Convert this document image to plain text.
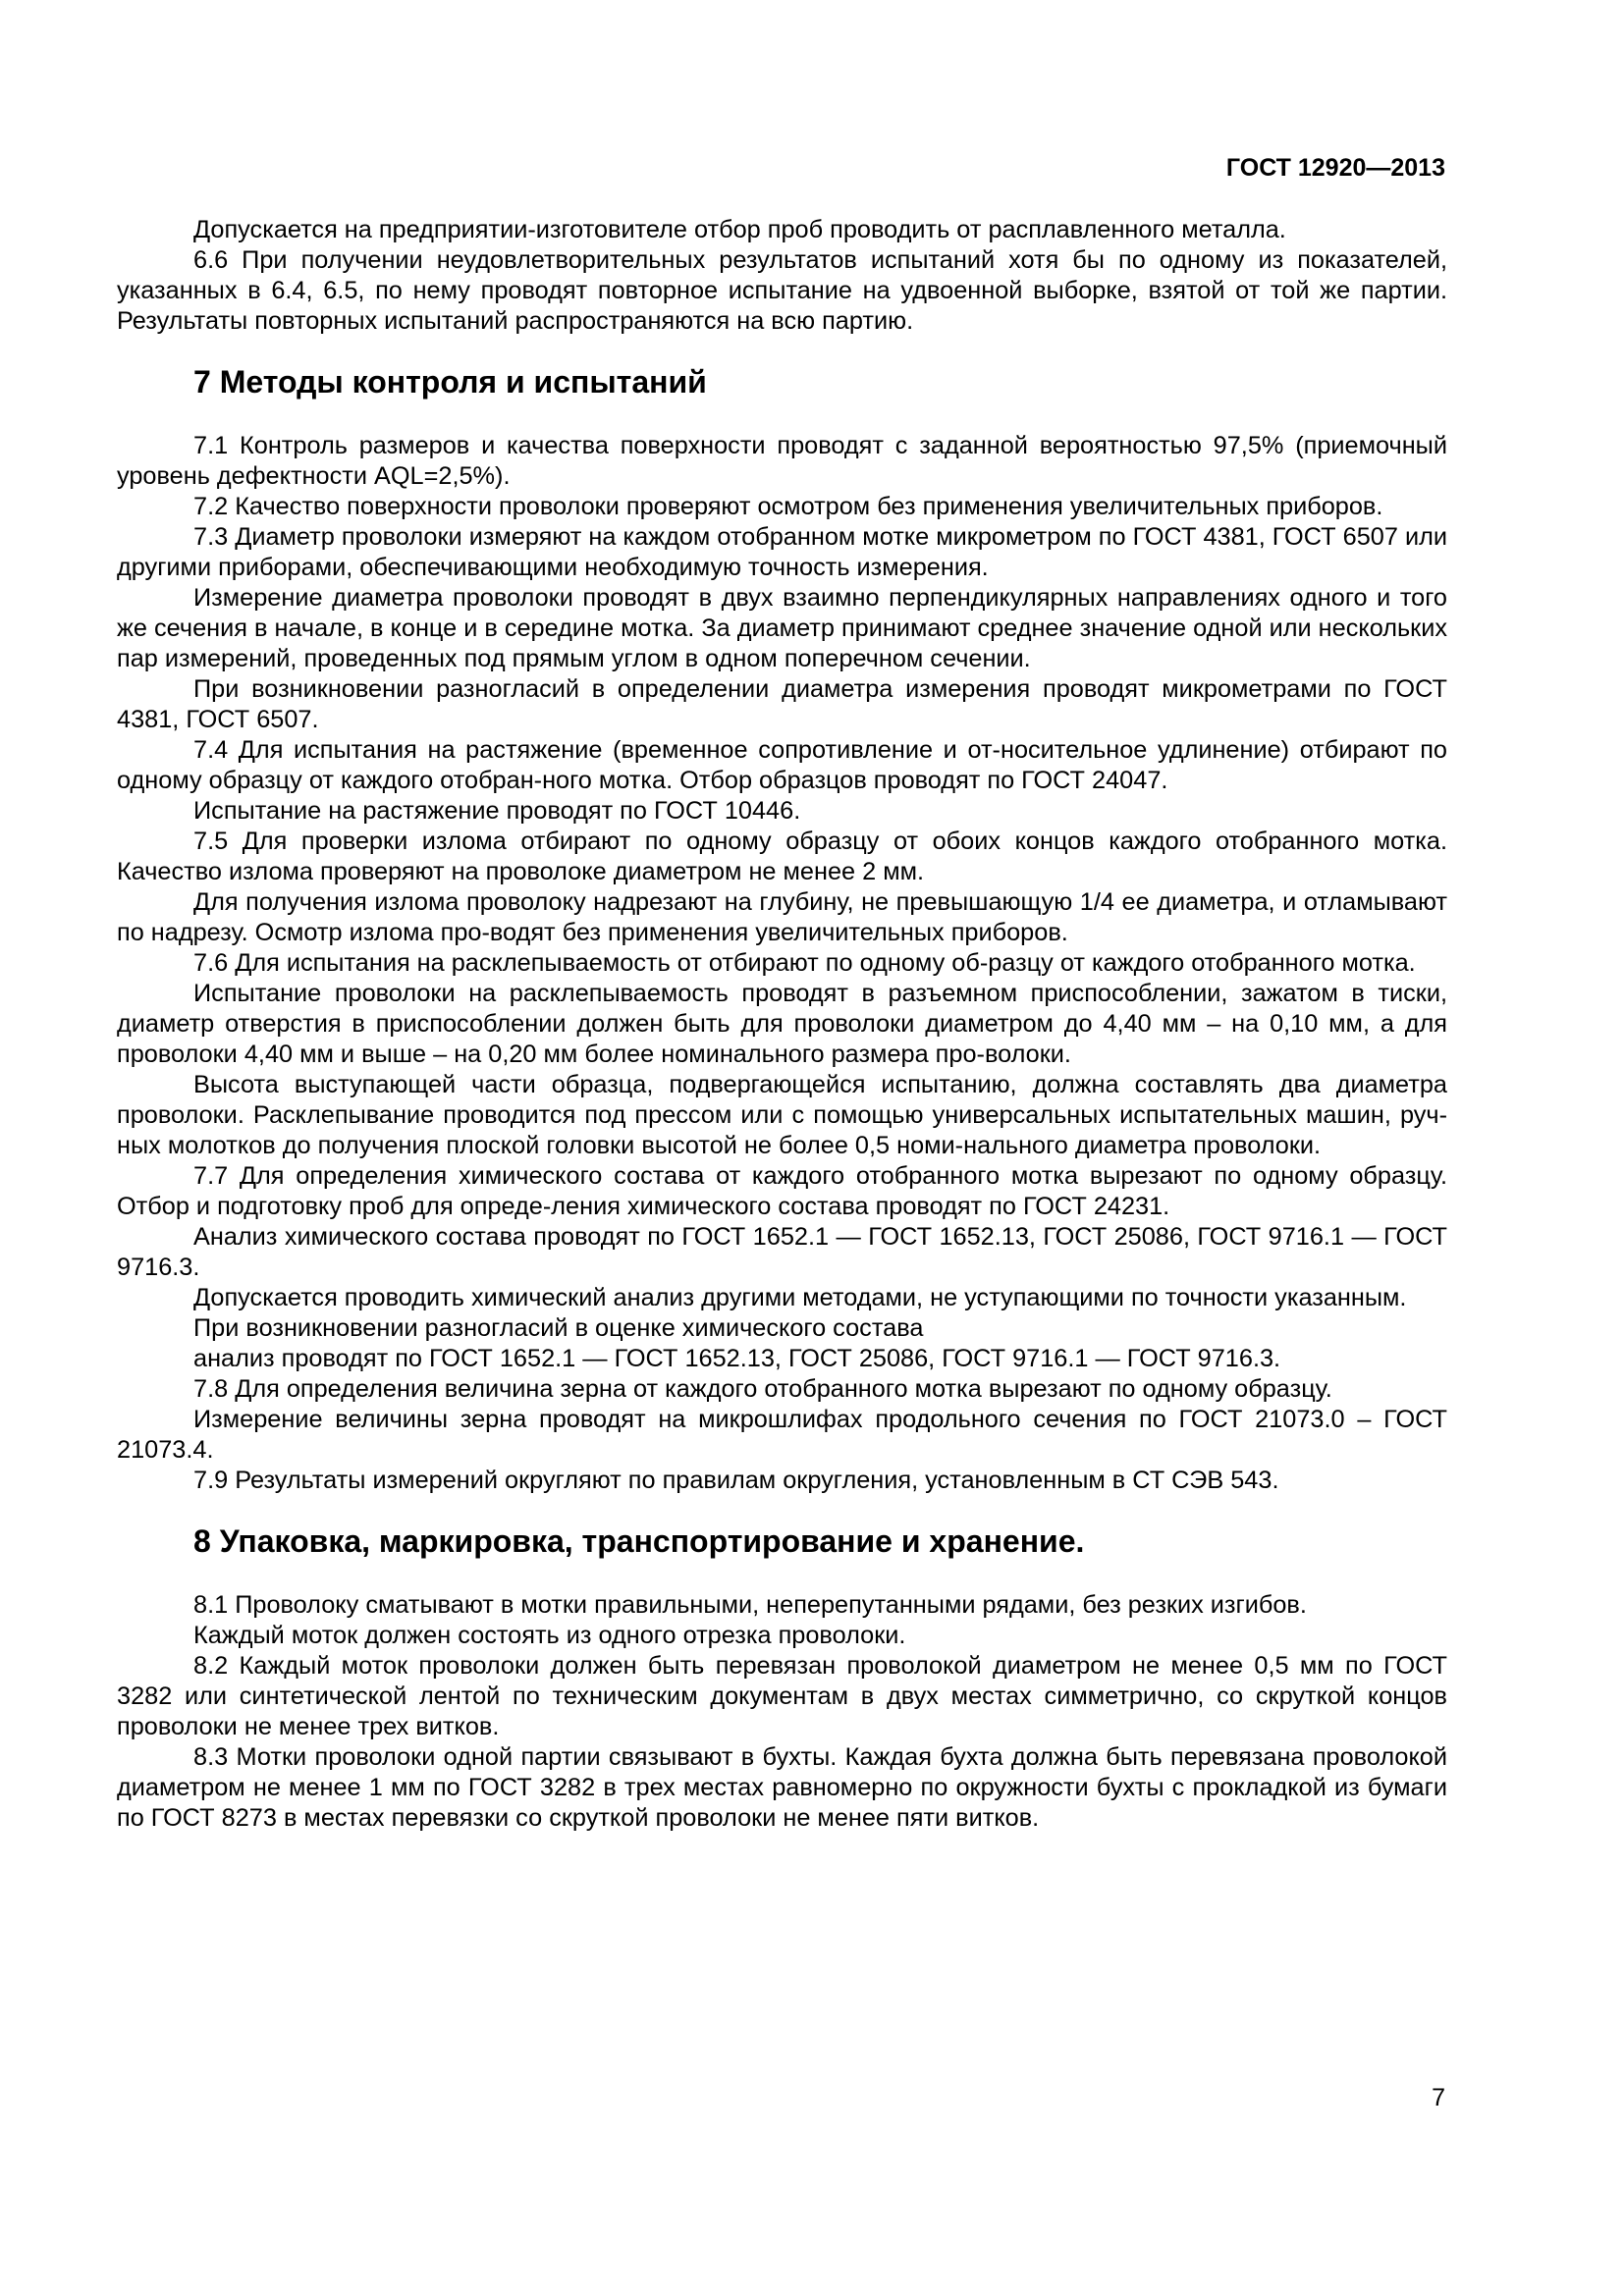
ГОСТ 12920—2013

Допускается на предприятии-изготовителе отбор проб проводить от расплавленного металла.

6.6 При получении неудовлетворительных результатов испытаний хотя бы по одному из показателей, указанных в 6.4, 6.5, по нему проводят повторное испытание на удвоенной выборке, взятой от той же партии. Результаты повторных испытаний распространяются на всю партию.

7 Методы контроля и испытаний

7.1 Контроль размеров и качества поверхности проводят с заданной вероятностью 97,5% (приемочный уровень дефектности AQL=2,5%).

7.2 Качество поверхности проволоки проверяют осмотром без применения увеличительных приборов.

7.3 Диаметр проволоки измеряют на каждом отобранном мотке микрометром по ГОСТ 4381, ГОСТ 6507 или другими приборами, обеспечивающими необходимую точность измерения.

Измерение диаметра проволоки проводят в двух взаимно перпендикулярных направлениях одного и того же сечения в начале, в конце и в середине мотка. За диаметр принимают среднее значение одной или нескольких пар измерений, проведенных под прямым углом в одном поперечном сечении.

При возникновении разногласий в определении диаметра измерения проводят микрометрами по ГОСТ 4381, ГОСТ 6507.

7.4 Для испытания на растяжение (временное сопротивление и от-носительное удлинение) отбирают по одному образцу от каждого отобран-ного мотка. Отбор образцов проводят по ГОСТ 24047.

Испытание на растяжение проводят по ГОСТ 10446.

7.5 Для проверки излома отбирают по одному образцу от обоих концов каждого отобранного мотка. Качество излома проверяют на проволоке диаметром не менее 2 мм.

Для получения излома проволоку надрезают на глубину, не превышающую 1/4 ее диаметра, и отламывают по надрезу. Осмотр излома про-водят без применения увеличительных приборов.

7.6 Для испытания на расклепываемость от отбирают по одному об-разцу от каждого отобранного мотка.

Испытание проволоки на расклепываемость проводят в разъемном приспособлении, зажатом в тиски, диаметр отверстия в приспособлении должен быть для проволоки диаметром до 4,40 мм – на 0,10 мм, а для проволоки 4,40 мм и выше – на 0,20 мм более номинального размера про-волоки.

Высота выступающей части образца, подвергающейся испытанию, должна составлять два диаметра проволоки. Расклепывание проводится под прессом или с помощью универсальных испытательных машин, руч-ных молотков до получения плоской головки высотой не более 0,5 номи-нального диаметра проволоки.

7.7 Для определения химического состава от каждого отобранного мотка вырезают по одному образцу. Отбор и подготовку проб для опреде-ления химического состава проводят по ГОСТ 24231.

Анализ химического состава проводят по ГОСТ 1652.1 — ГОСТ 1652.13, ГОСТ 25086, ГОСТ 9716.1 — ГОСТ 9716.3.

Допускается проводить химический анализ другими методами, не уступающими по точности указанным.

При возникновении разногласий в оценке химического состава

анализ проводят по ГОСТ 1652.1 — ГОСТ 1652.13, ГОСТ 25086, ГОСТ 9716.1 — ГОСТ 9716.3.

7.8 Для определения величина зерна от каждого отобранного мотка вырезают по одному образцу.

Измерение величины зерна проводят на микрошлифах продольного сечения по ГОСТ 21073.0 – ГОСТ 21073.4.

7.9 Результаты измерений округляют по правилам округления, установленным в СТ СЭВ 543.

8 Упаковка, маркировка, транспортирование и хранение.

8.1 Проволоку сматывают в мотки правильными, неперепутанными рядами, без резких изгибов.

Каждый моток должен состоять из одного отрезка проволоки.

8.2 Каждый моток проволоки должен быть перевязан проволокой диаметром не менее 0,5 мм по ГОСТ 3282 или синтетической лентой по техническим документам в двух местах симметрично, со скруткой концов проволоки не менее трех витков.

8.3 Мотки проволоки одной партии связывают в бухты. Каждая бухта должна быть перевязана проволокой диаметром не менее 1 мм по ГОСТ 3282 в трех местах равномерно по окружности бухты с прокладкой из бумаги по ГОСТ 8273 в местах перевязки со скруткой проволоки не менее пяти витков.

7
